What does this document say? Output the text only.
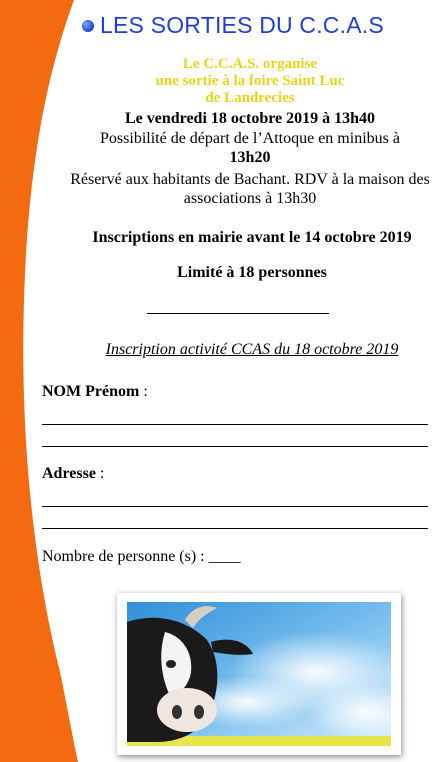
LES SORTIES DU C.C.A.S
Le C.C.A.S. organise
une sortie à la foire Saint Luc
de Landrecies
Le vendredi 18 octobre 2019 à 13h40
Possibilité de départ de l’Attoque en minibus à
13h20
Réservé aux habitants de Bachant. RDV à la maison des associations à 13h30
Inscriptions en mairie avant le 14 octobre 2019
Limité à 18 personnes
Inscription activité CCAS du 18 octobre 2019
NOM Prénom :
Adresse :
Nombre de personne (s) : ____
